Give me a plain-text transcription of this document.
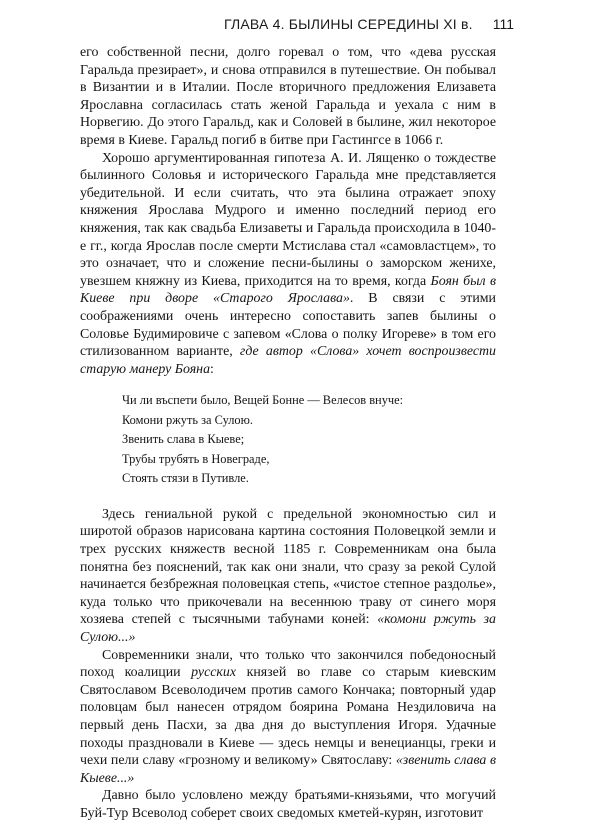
ГЛАВА 4. БЫЛИНЫ СЕРЕДИНЫ XI в. 111

его собственной песни, долго горевал о том, что «дева русская Гаральда презирает», и снова отправился в путешествие. Он побывал в Византии и в Италии. После вторичного предложения Елизавета Ярославна согласилась стать женой Гаральда и уехала с ним в Норвегию. До этого Гаральд, как и Соловей в былине, жил некоторое время в Киеве. Гаральд погиб в битве при Гастингсе в 1066 г.

Хорошо аргументированная гипотеза А. И. Лященко о тождестве былинного Соловья и исторического Гаральда мне представляется убедительной. И если считать, что эта былина отражает эпоху княжения Ярослава Мудрого и именно последний период его княжения, так как свадьба Елизаветы и Гаральда происходила в 1040-е гг., когда Ярослав после смерти Мстислава стал «самовластцем», то это означает, что и сложение песни-былины о заморском женихе, увезшем княжну из Киева, приходится на то время, когда Боян был в Киеве при дворе «Старого Ярослава». В связи с этими соображениями очень интересно сопоставить запев былины о Соловье Будимировиче с запевом «Слова о полку Игореве» в том его стилизованном варианте, где автор «Слова» хочет воспроизвести старую манеру Бояна:

Чи ли въспети было, Вещей Бонне — Велесов внуче:
Комони ржуть за Сулою.
Звенить слава в Кыеве;
Трубы трубять в Новеграде,
Стоять стязи в Путивле.

Здесь гениальной рукой с предельной экономностью сил и широтой образов нарисована картина состояния Половецкой земли и трех русских княжеств весной 1185 г. Современникам она была понятна без пояснений, так как они знали, что сразу за рекой Сулой начинается безбрежная половецкая степь, «чистое степное раздолье», куда только что прикочевали на весеннюю траву от синего моря хозяева степей с тысячными табунами коней: «комони ржуть за Сулою...»

Современники знали, что только что закончился победоносный поход коалиции русских князей во главе со старым киевским Святославом Всеволодичем против самого Кончака; повторный удар половцам был нанесен отрядом боярина Романа Нездиловича на первый день Пасхи, за два дня до выступления Игоря. Удачные походы праздновали в Киеве — здесь немцы и венецианцы, греки и чехи пели славу «грозному и великому» Святославу: «звенить слава в Кыеве...»

Давно было условлено между братьями-князьями, что могучий Буй-Тур Всеволод соберет своих сведомых кметей-курян, изготовит
